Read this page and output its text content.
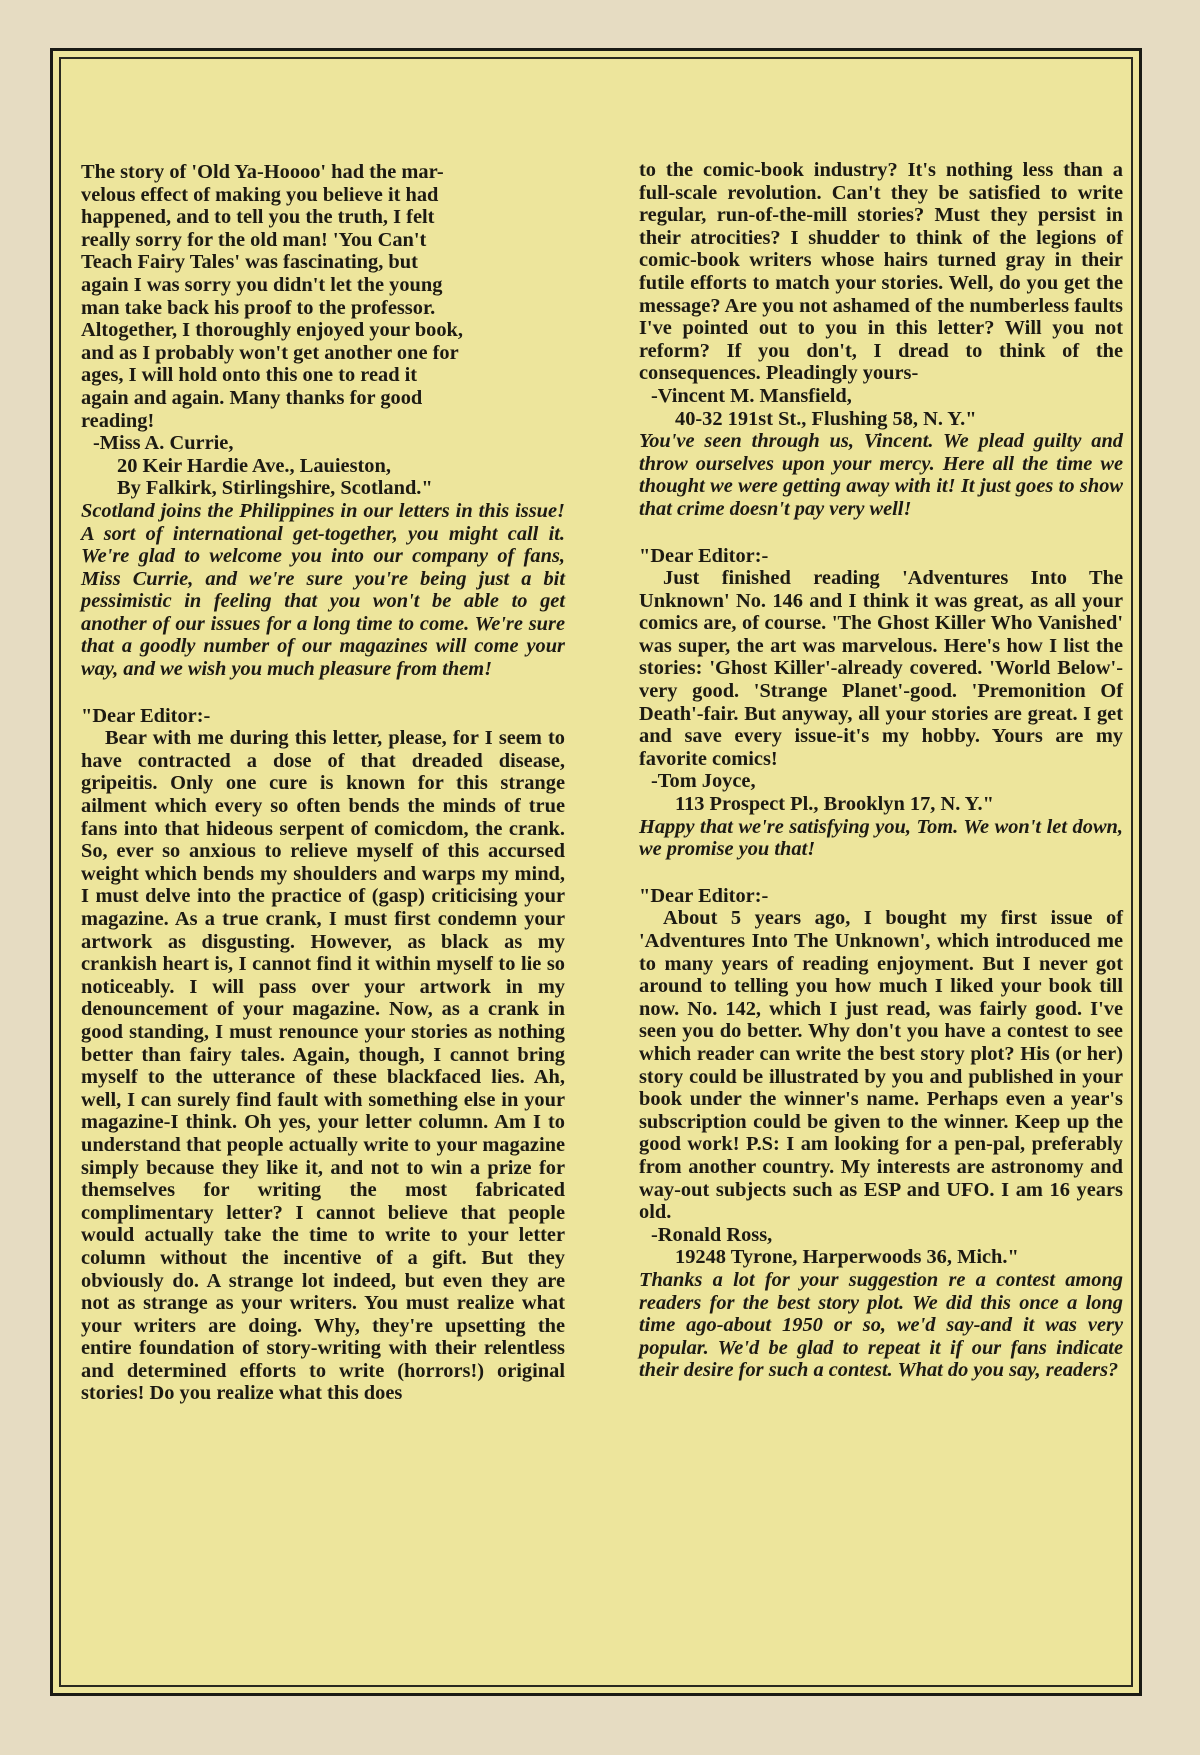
The story of 'Old Ya-Hoooo' had the mar-
velous effect of making you believe it had
happened, and to tell you the truth, I felt
really sorry for the old man! 'You Can't
Teach Fairy Tales' was fascinating, but
again I was sorry you didn't let the young
man take back his proof to the professor.
Altogether, I thoroughly enjoyed your book,
and as I probably won't get another one for
ages, I will hold onto this one to read it
again and again. Many thanks for good
reading!

-Miss A. Currie,

20 Keir Hardie Ave., Lauieston,

By Falkirk, Stirlingshire, Scotland."

Scotland joins the Philippines in our letters in this issue! A sort of international get-together, you might call it. We're glad to welcome you into our company of fans, Miss Currie, and we're sure you're being just a bit pessimistic in feeling that you won't be able to get another of our issues for a long time to come. We're sure that a goodly number of our magazines will come your way, and we wish you much pleasure from them!

"Dear Editor:-

Bear with me during this letter, please, for I seem to have contracted a dose of that dreaded disease, gripeitis. Only one cure is known for this strange ailment which every so often bends the minds of true fans into that hideous serpent of comicdom, the crank. So, ever so anxious to relieve myself of this accursed weight which bends my shoulders and warps my mind, I must delve into the practice of (gasp) criticising your magazine. As a true crank, I must first condemn your artwork as disgusting. However, as black as my crankish heart is, I cannot find it within myself to lie so noticeably. I will pass over your artwork in my denouncement of your magazine. Now, as a crank in good standing, I must renounce your stories as nothing better than fairy tales. Again, though, I cannot bring myself to the utterance of these blackfaced lies. Ah, well, I can surely find fault with something else in your magazine-I think. Oh yes, your letter column. Am I to understand that people actually write to your magazine simply because they like it, and not to win a prize for themselves for writing the most fabricated complimentary letter? I cannot believe that people would actually take the time to write to your letter column without the incentive of a gift. But they obviously do. A strange lot indeed, but even they are not as strange as your writers. You must realize what your writers are doing. Why, they're upsetting the entire foundation of story-writing with their relentless and determined efforts to write (horrors!) original stories! Do you realize what this does

to the comic-book industry? It's nothing less than a full-scale revolution. Can't they be satisfied to write regular, run-of-the-mill stories? Must they persist in their atrocities? I shudder to think of the legions of comic-book writers whose hairs turned gray in their futile efforts to match your stories. Well, do you get the message? Are you not ashamed of the numberless faults I've pointed out to you in this letter? Will you not reform? If you don't, I dread to think of the consequences. Pleadingly yours-

-Vincent M. Mansfield,

40-32 191st St., Flushing 58, N. Y."

You've seen through us, Vincent. We plead guilty and throw ourselves upon your mercy. Here all the time we thought we were getting away with it! It just goes to show that crime doesn't pay very well!

"Dear Editor:-

Just finished reading 'Adventures Into The Unknown' No. 146 and I think it was great, as all your comics are, of course. 'The Ghost Killer Who Vanished' was super, the art was marvelous. Here's how I list the stories: 'Ghost Killer'-already covered. 'World Below'-very good. 'Strange Planet'-good. 'Premonition Of Death'-fair. But anyway, all your stories are great. I get and save every issue-it's my hobby. Yours are my favorite comics!

-Tom Joyce,

113 Prospect Pl., Brooklyn 17, N. Y."

Happy that we're satisfying you, Tom. We won't let down, we promise you that!

"Dear Editor:-

About 5 years ago, I bought my first issue of 'Adventures Into The Unknown', which introduced me to many years of reading enjoyment. But I never got around to telling you how much I liked your book till now. No. 142, which I just read, was fairly good. I've seen you do better. Why don't you have a contest to see which reader can write the best story plot? His (or her) story could be illustrated by you and published in your book under the winner's name. Perhaps even a year's subscription could be given to the winner. Keep up the good work! P.S: I am looking for a pen-pal, preferably from another country. My interests are astronomy and way-out subjects such as ESP and UFO. I am 16 years old.

-Ronald Ross,

19248 Tyrone, Harperwoods 36, Mich."

Thanks a lot for your suggestion re a contest among readers for the best story plot. We did this once a long time ago-about 1950 or so, we'd say-and it was very popular. We'd be glad to repeat it if our fans indicate their desire for such a contest. What do you say, readers?
